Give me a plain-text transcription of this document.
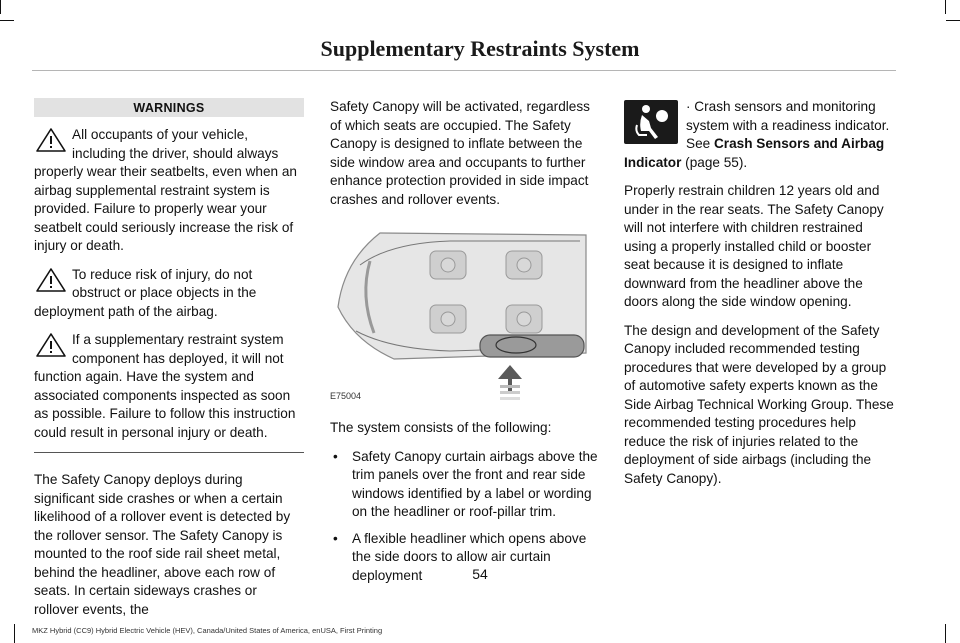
Supplementary Restraints System
WARNINGS
All occupants of your vehicle, including the driver, should always properly wear their seatbelts, even when an airbag supplemental restraint system is provided. Failure to properly wear your seatbelt could seriously increase the risk of injury or death.
To reduce risk of injury, do not obstruct or place objects in the deployment path of the airbag.
If a supplementary restraint system component has deployed, it will not function again. Have the system and associated components inspected as soon as possible. Failure to follow this instruction could result in personal injury or death.

The Safety Canopy deploys during significant side crashes or when a certain likelihood of a rollover event is detected by the rollover sensor. The Safety Canopy is mounted to the roof side rail sheet metal, behind the headliner, above each row of seats. In certain sideways crashes or rollover events, the

Safety Canopy will be activated, regardless of which seats are occupied. The Safety Canopy is designed to inflate between the side window area and occupants to further enhance protection provided in side impact crashes and rollover events.

E75004

The system consists of the following:

• Safety Canopy curtain airbags above the trim panels over the front and rear side windows identified by a label or wording on the headliner or roof-pillar trim.
• A flexible headliner which opens above the side doors to allow air curtain deployment

· Crash sensors and monitoring system with a readiness indicator. See Crash Sensors and Airbag Indicator (page 55).

Properly restrain children 12 years old and under in the rear seats. The Safety Canopy will not interfere with children restrained using a properly installed child or booster seat because it is designed to inflate downward from the headliner above the doors along the side window opening.

The design and development of the Safety Canopy included recommended testing procedures that were developed by a group of automotive safety experts known as the Side Airbag Technical Working Group. These recommended testing procedures help reduce the risk of injuries related to the deployment of side airbags (including the Safety Canopy).

54
MKZ Hybrid (CC9) Hybrid Electric Vehicle (HEV), Canada/United States of America, enUSA, First Printing
